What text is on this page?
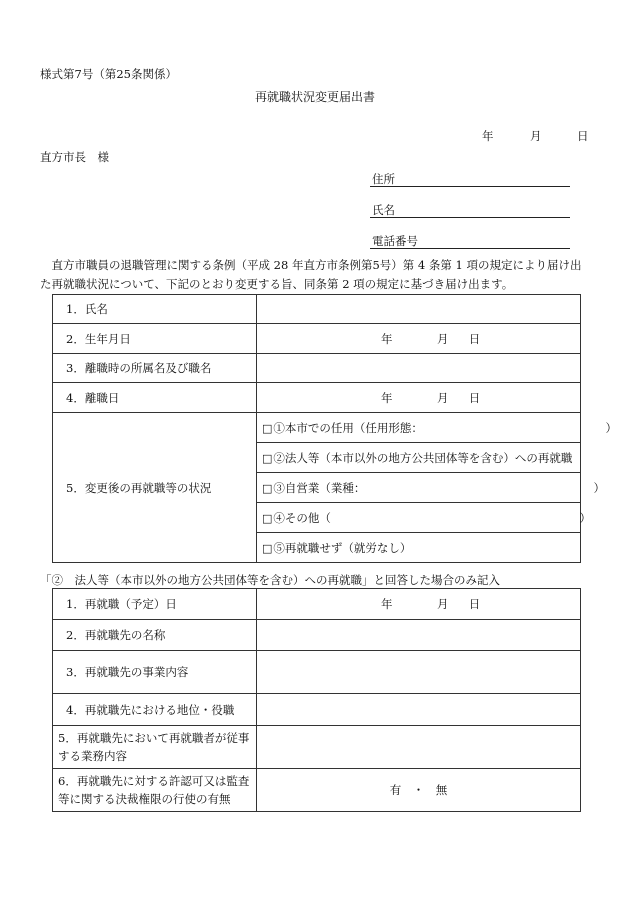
様式第7号（第25条関係）
再就職状況変更届出書
年	月	日
直方市長　様
住所
氏名
電話番号
　直方市職員の退職管理に関する条例（平成 28 年直方市条例第5号）第 4 条第 1 項の規定により届け出た再就職状況について、下記のとおり変更する旨、同条第 2 項の規定に基づき届け出ます。
1．氏名	
2．生年月日	年 月 日
3．離職時の所属名及び職名	
4．離職日	年 月 日
5．変更後の再就職等の状況	□①本市での任用（任用形態： ）

	□②法人等（本市以外の地方公共団体等を含む）への再就職
	□③自営業（業種： ）

	□④その他（ ）

	□⑤再就職せず（就労なし）
「②　法人等（本市以外の地方公共団体等を含む）への再就職」と回答した場合のみ記入
1．再就職（予定）日	年 月 日
2．再就職先の名称	
3．再就職先の事業内容	
4．再就職先における地位・役職	
5．再就職先において再就職者が従事する業務内容	
6．再就職先に対する許認可又は監査等に関する決裁権限の行使の有無	有　・　無
